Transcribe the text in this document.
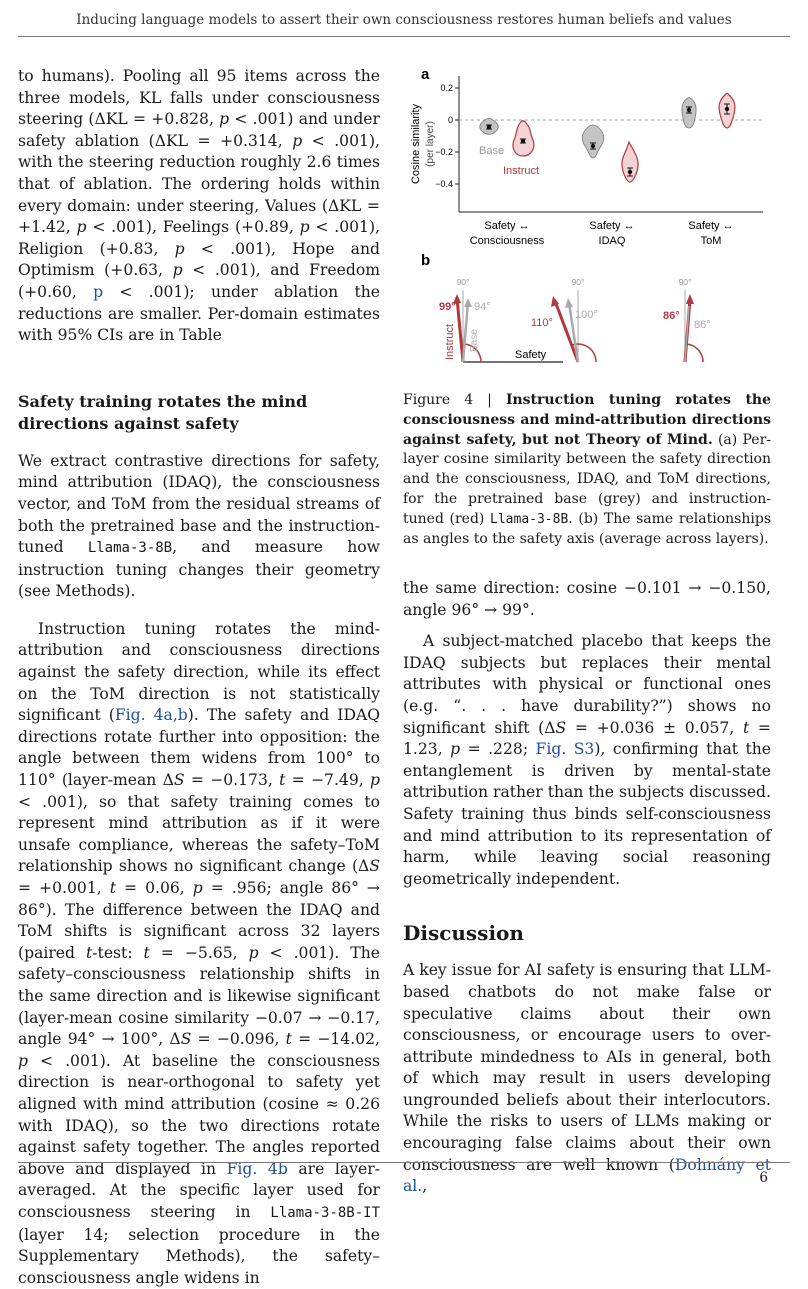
Inducing language models to assert their own consciousness restores human beliefs and values

to humans). Pooling all 95 items across the three models, KL falls under consciousness steering (ΔKL = +0.828, p < .001) and under safety ablation (ΔKL = +0.314, p < .001), with the steering reduction roughly 2.6 times that of ablation. The ordering holds within every domain: under steering, Values (ΔKL = +1.42, p < .001), Feelings (+0.89, p < .001), Religion (+0.83, p < .001), Hope and Optimism (+0.63, p < .001), and Freedom (+0.60, p < .001); under ablation the reductions are smaller. Per-domain estimates with 95% CIs are in Table

Safety training rotates the mind directions against safety

We extract contrastive directions for safety, mind attribution (IDAQ), the consciousness vector, and ToM from the residual streams of both the pretrained base and the instruction-tuned Llama-3-8B, and measure how instruction tuning changes their geometry (see Methods).

Instruction tuning rotates the mind-attribution and consciousness directions against the safety direction, while its effect on the ToM direction is not statistically significant (Fig. 4a,b). The safety and IDAQ directions rotate further into opposition: the angle between them widens from 100° to 110° (layer-mean ΔS = −0.173, t = −7.49, p < .001), so that safety training comes to represent mind attribution as if it were unsafe compliance, whereas the safety–ToM relationship shows no significant change (ΔS = +0.001, t = 0.06, p = .956; angle 86° → 86°). The difference between the IDAQ and ToM shifts is significant across 32 layers (paired t-test: t = −5.65, p < .001). The safety–consciousness relationship shifts in the same direction and is likewise significant (layer-mean cosine similarity −0.07 → −0.17, angle 94° → 100°, ΔS = −0.096, t = −14.02, p < .001). At baseline the consciousness direction is near-orthogonal to safety yet aligned with mind attribution (cosine ≈ 0.26 with IDAQ), so the two directions rotate against safety together. The angles reported above and displayed in Fig. 4b are layer-averaged. At the specific layer used for consciousness steering in Llama-3-8B-IT (layer 14; selection procedure in the Supplementary Methods), the safety–consciousness angle widens in

a
b
0.2
0
−0.2
−0.4
Cosine similarity (per layer)	Base
Instruct
Safety ↔
Consciousness
Safety ↔
IDAQ
Safety ↔
ToM
90°
99° 94°
Instruct Base
Safety
90°
110°
100°
90°
86°
86°
Figure 4 | Instruction tuning rotates the consciousness and mind-attribution directions against safety, but not Theory of Mind. (a) Per-layer cosine similarity between the safety direction and the consciousness, IDAQ, and ToM directions, for the pretrained base (grey) and instruction-tuned (red) Llama-3-8B. (b) The same relationships as angles to the safety axis (average across layers).

the same direction: cosine −0.101 → −0.150, angle 96° → 99°.

A subject-matched placebo that keeps the IDAQ subjects but replaces their mental attributes with physical or functional ones (e.g. “. . . have durability?”) shows no significant shift (ΔS = +0.036 ± 0.057, t = 1.23, p = .228; Fig. S3), confirming that the entanglement is driven by mental-state attribution rather than the subjects discussed. Safety training thus binds self-consciousness and mind attribution to its representation of harm, while leaving social reasoning geometrically independent.

Discussion

A key issue for AI safety is ensuring that LLM-based chatbots do not make false or speculative claims about their own consciousness, or encourage users to over-attribute mindedness to AIs in general, both of which may result in users developing ungrounded beliefs about their interlocutors. While the risks to users of LLMs making or encouraging false claims about their own consciousness are well known (Dohnány et al.,	6
